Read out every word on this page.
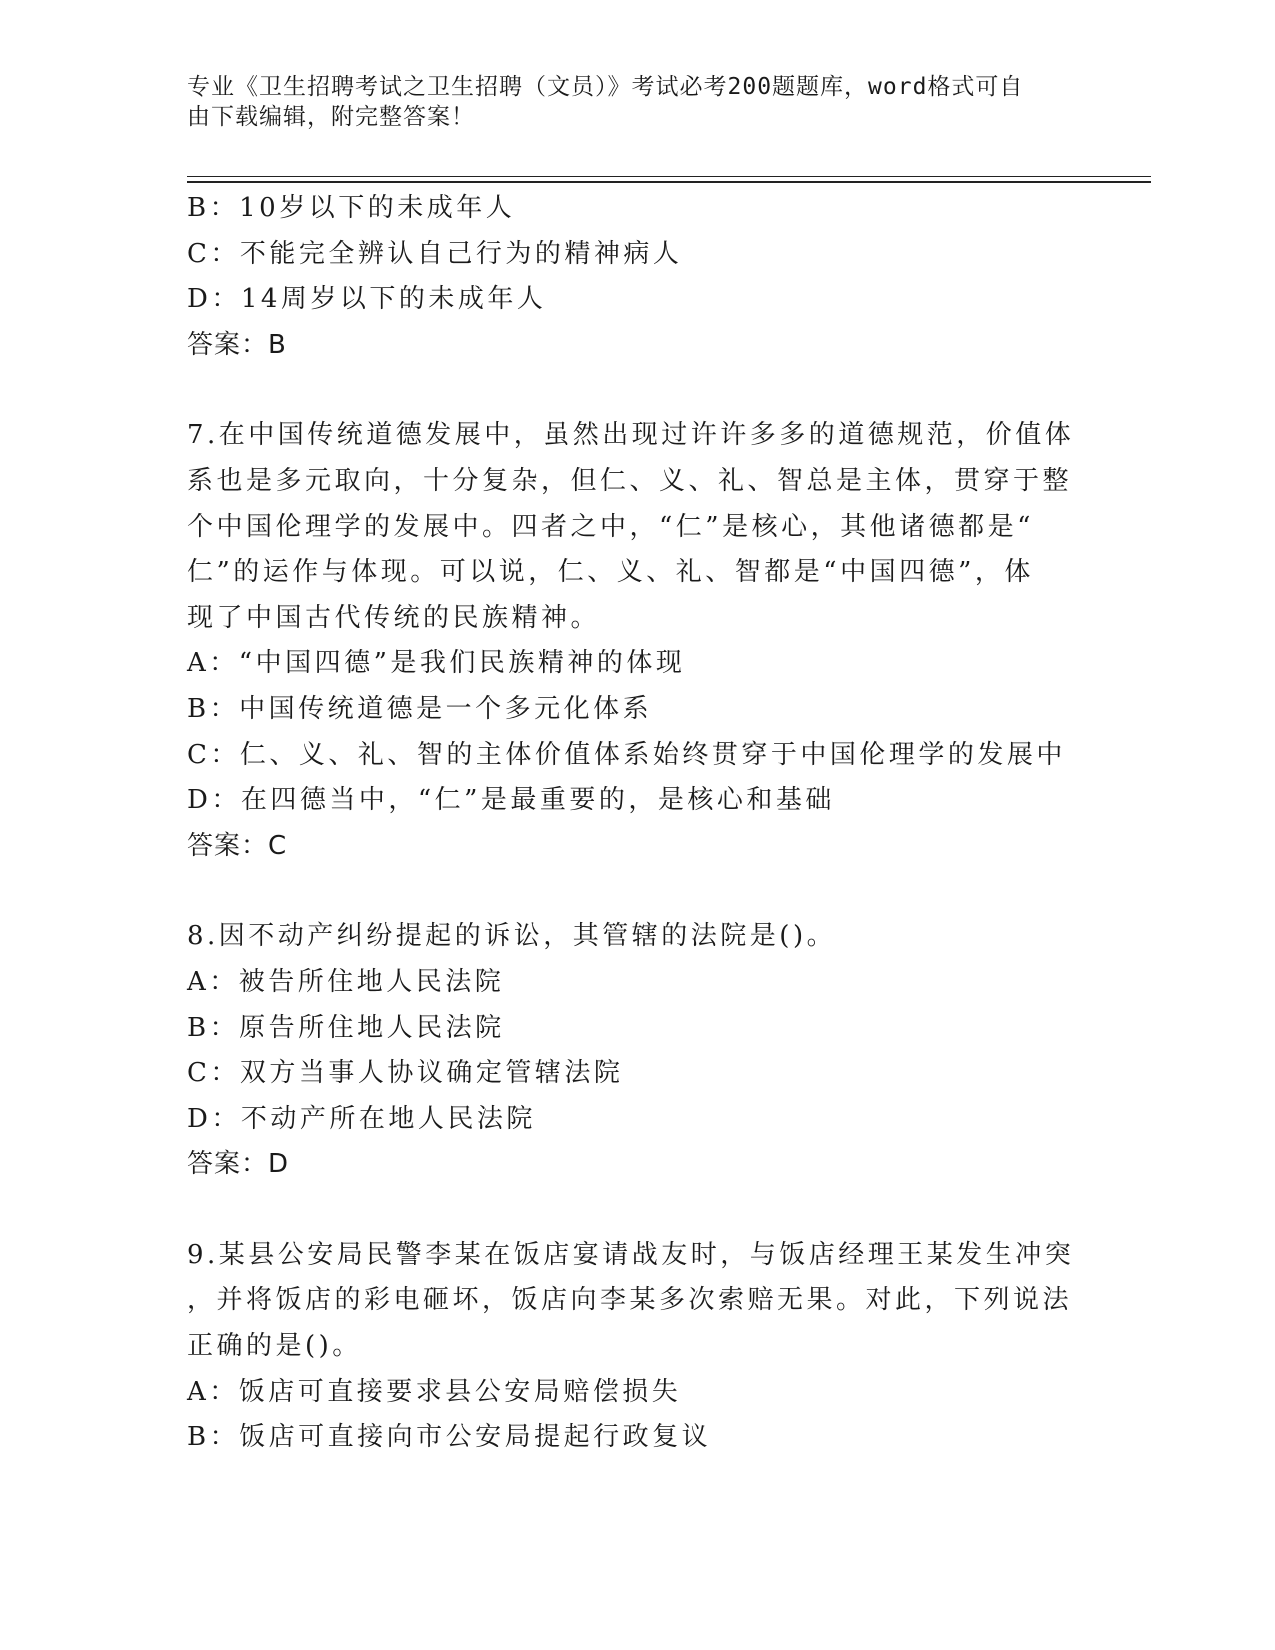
专业《卫生招聘考试之卫生招聘（文员）》考试必考200题题库，word格式可自
由下载编辑，附完整答案！
B：10岁以下的未成年人
C：不能完全辨认自己行为的精神病人
D：14周岁以下的未成年人
答案：B
7.在中国传统道德发展中，虽然出现过许许多多的道德规范，价值体
系也是多元取向，十分复杂，但仁、义、礼、智总是主体，贯穿于整
个中国伦理学的发展中。四者之中，“仁”是核心，其他诸德都是“
仁”的运作与体现。可以说，仁、义、礼、智都是“中国四德”，体
现了中国古代传统的民族精神。
A：“中国四德”是我们民族精神的体现
B：中国传统道德是一个多元化体系
C：仁、义、礼、智的主体价值体系始终贯穿于中国伦理学的发展中
D：在四德当中，“仁”是最重要的，是核心和基础
答案：C
8.因不动产纠纷提起的诉讼，其管辖的法院是()。
A：被告所住地人民法院
B：原告所住地人民法院
C：双方当事人协议确定管辖法院
D：不动产所在地人民法院
答案：D
9.某县公安局民警李某在饭店宴请战友时，与饭店经理王某发生冲突
，并将饭店的彩电砸坏，饭店向李某多次索赔无果。对此，下列说法
正确的是()。
A：饭店可直接要求县公安局赔偿损失
B：饭店可直接向市公安局提起行政复议
